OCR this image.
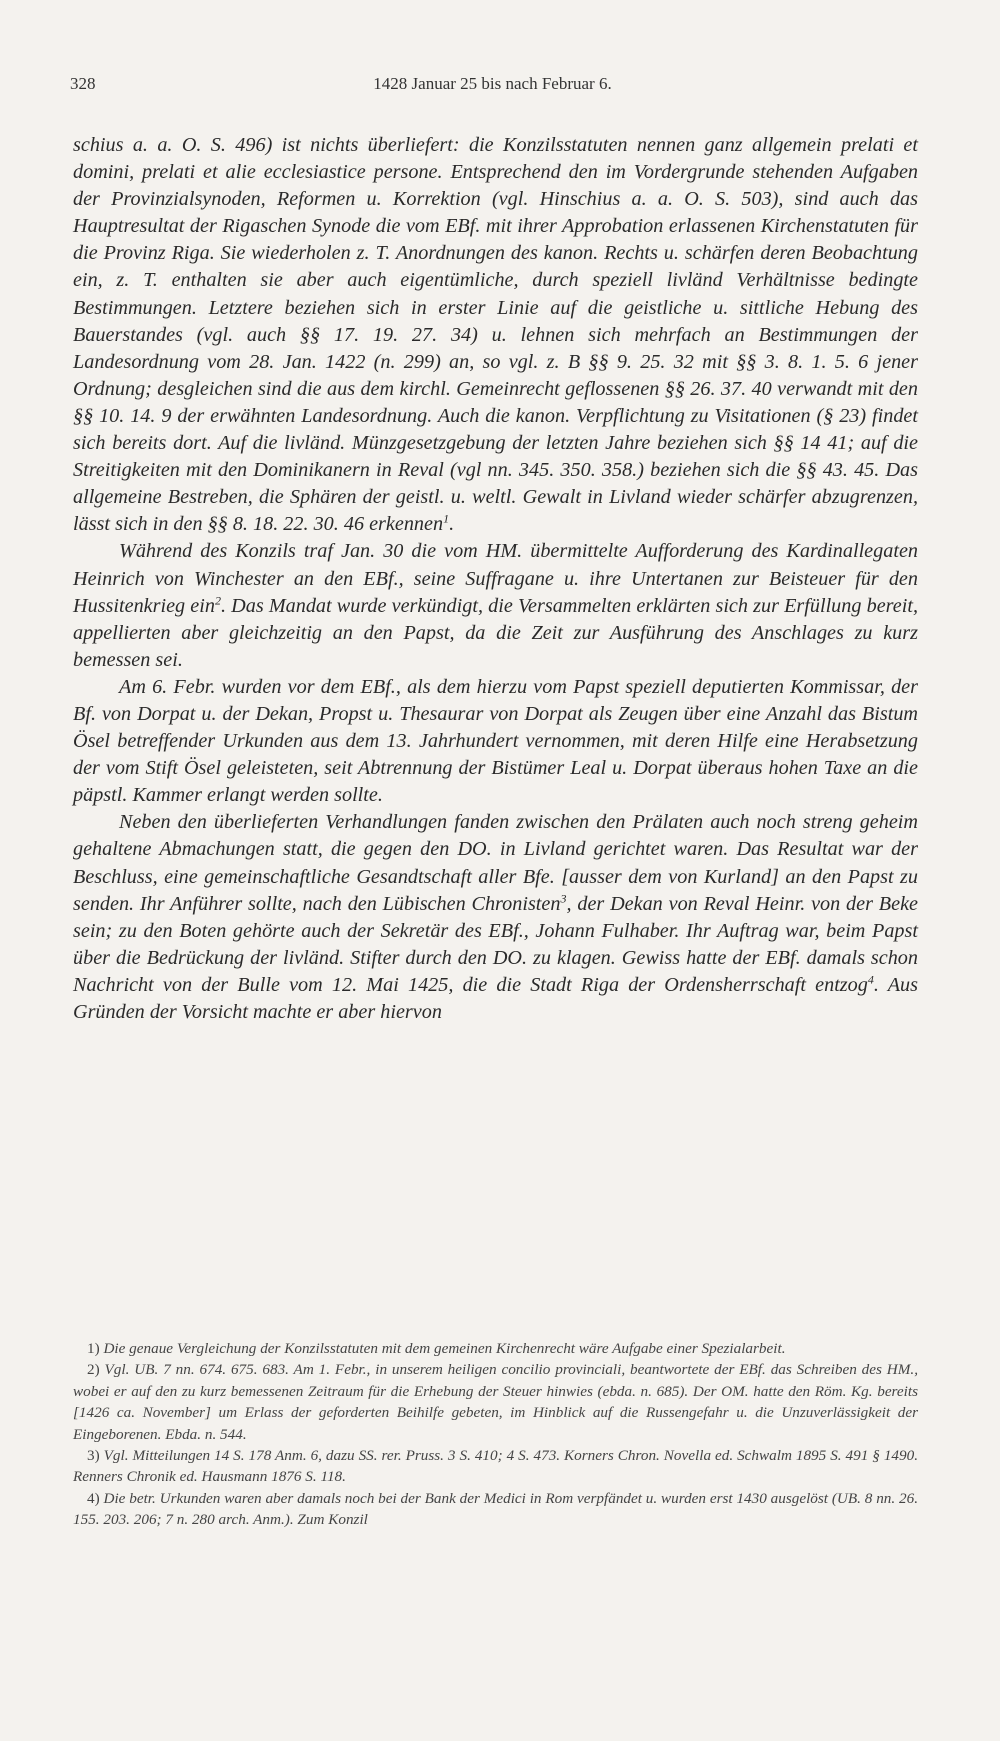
328	1428 Januar 25 bis nach Februar 6.

schius a. a. O. S. 496) ist nichts überliefert: die Konzilsstatuten nennen ganz allgemein prelati et domini, prelati et alie ecclesiastice persone. Entsprechend den im Vordergrunde stehenden Aufgaben der Provinzialsynoden, Reformen u. Korrektion (vgl. Hinschius a. a. O. S. 503), sind auch das Hauptresultat der Rigaschen Synode die vom EBf. mit ihrer Approbation erlassenen Kirchenstatuten für die Provinz Riga. Sie wiederholen z. T. Anordnungen des kanon. Rechts u. schärfen deren Beobachtung ein, z. T. enthalten sie aber auch eigentümliche, durch speziell livländ Verhältnisse bedingte Bestimmungen. Letztere beziehen sich in erster Linie auf die geistliche u. sittliche Hebung des Bauerstandes (vgl. auch §§ 17. 19. 27. 34) u. lehnen sich mehrfach an Bestimmungen der Landesordnung vom 28. Jan. 1422 (n. 299) an, so vgl. z. B §§ 9. 25. 32 mit §§ 3. 8. 1. 5. 6 jener Ordnung; desgleichen sind die aus dem kirchl. Gemeinrecht geflossenen §§ 26. 37. 40 verwandt mit den §§ 10. 14. 9 der erwähnten Landesordnung. Auch die kanon. Verpflichtung zu Visitationen (§ 23) findet sich bereits dort. Auf die livländ. Münzgesetzgebung der letzten Jahre beziehen sich §§ 14 41; auf die Streitigkeiten mit den Dominikanern in Reval (vgl nn. 345. 350. 358.) beziehen sich die §§ 43. 45. Das allgemeine Bestreben, die Sphären der geistl. u. weltl. Gewalt in Livland wieder schärfer abzugrenzen, lässt sich in den §§ 8. 18. 22. 30. 46 erkennen$^1$.

Während des Konzils traf Jan. 30 die vom HM. übermittelte Aufforderung des Kardinallegaten Heinrich von Winchester an den EBf., seine Suffragane u. ihre Untertanen zur Beisteuer für den Hussitenkrieg ein$^2$. Das Mandat wurde verkündigt, die Versammelten erklärten sich zur Erfüllung bereit, appellierten aber gleichzeitig an den Papst, da die Zeit zur Ausführung des Anschlages zu kurz bemessen sei.

Am 6. Febr. wurden vor dem EBf., als dem hierzu vom Papst speziell deputierten Kommissar, der Bf. von Dorpat u. der Dekan, Propst u. Thesaurar von Dorpat als Zeugen über eine Anzahl das Bistum Ösel betreffender Urkunden aus dem 13. Jahrhundert vernommen, mit deren Hilfe eine Herabsetzung der vom Stift Ösel geleisteten, seit Abtrennung der Bistümer Leal u. Dorpat überaus hohen Taxe an die päpstl. Kammer erlangt werden sollte.

Neben den überlieferten Verhandlungen fanden zwischen den Prälaten auch noch streng geheim gehaltene Abmachungen statt, die gegen den DO. in Livland gerichtet waren. Das Resultat war der Beschluss, eine gemeinschaftliche Gesandtschaft aller Bfe. [ausser dem von Kurland] an den Papst zu senden. Ihr Anführer sollte, nach den Lübischen Chronisten$^3$, der Dekan von Reval Heinr. von der Beke sein; zu den Boten gehörte auch der Sekretär des EBf., Johann Fulhaber. Ihr Auftrag war, beim Papst über die Bedrückung der livländ. Stifter durch den DO. zu klagen. Gewiss hatte der EBf. damals schon Nachricht von der Bulle vom 12. Mai 1425, die die Stadt Riga der Ordensherrschaft entzog$^4$. Aus Gründen der Vorsicht machte er aber hiervon

1) Die genaue Vergleichung der Konzilsstatuten mit dem gemeinen Kirchenrecht wäre Aufgabe einer Spezialarbeit.

2) Vgl. UB. 7 nn. 674. 675. 683. Am 1. Febr., in unserem heiligen concilio provinciali, beantwortete der EBf. das Schreiben des HM., wobei er auf den zu kurz bemessenen Zeitraum für die Erhebung der Steuer hinwies (ebda. n. 685). Der OM. hatte den Röm. Kg. bereits [1426 ca. November] um Erlass der geforderten Beihilfe gebeten, im Hinblick auf die Russengefahr u. die Unzuverlässigkeit der Eingeborenen. Ebda. n. 544.

3) Vgl. Mitteilungen 14 S. 178 Anm. 6, dazu SS. rer. Pruss. 3 S. 410; 4 S. 473. Korners Chron. Novella ed. Schwalm 1895 S. 491 § 1490. Renners Chronik ed. Hausmann 1876 S. 118.

4) Die betr. Urkunden waren aber damals noch bei der Bank der Medici in Rom verpfändet u. wurden erst 1430 ausgelöst (UB. 8 nn. 26. 155. 203. 206; 7 n. 280 arch. Anm.). Zum Konzil
